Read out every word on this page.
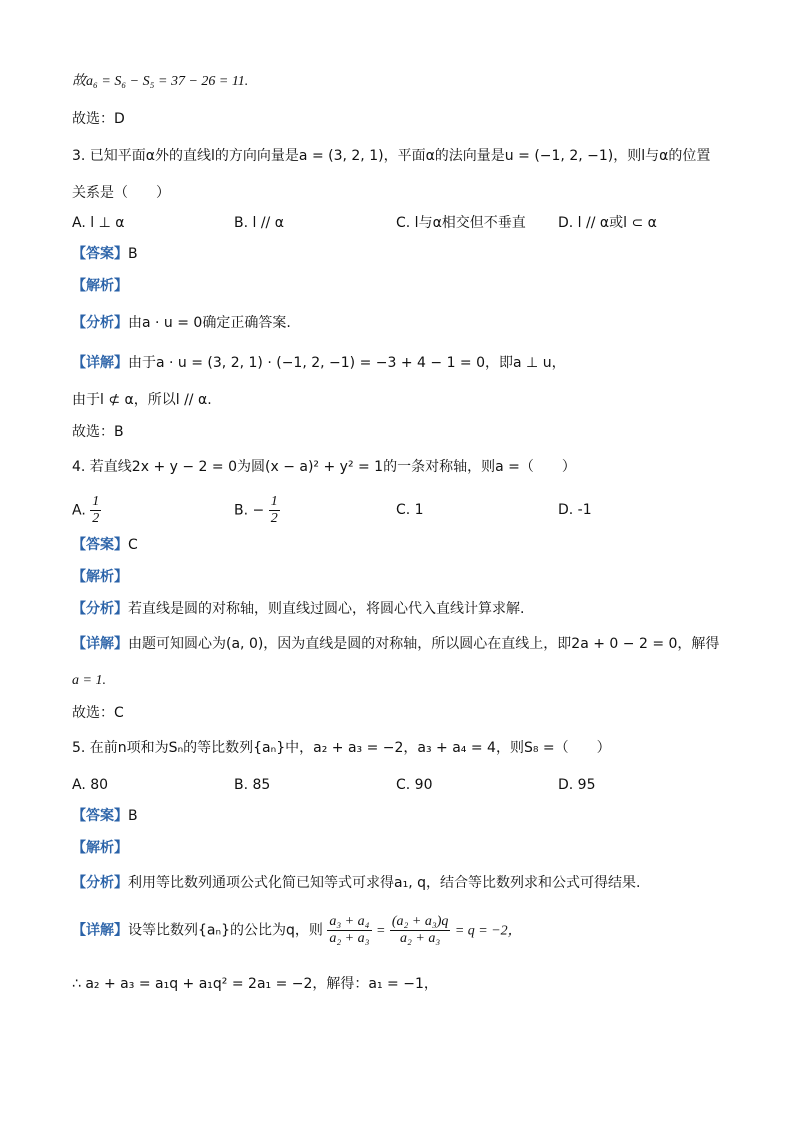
故a₆ = S₆ − S₅ = 37 − 26 = 11.
故选：D
3. 已知平面α外的直线l的方向向量是a = (3, 2, 1)，平面α的法向量是u = (−1, 2, −1)，则l与α的位置
关系是（　　）
A. l ⊥ α	B. l // α	C. l与α相交但不垂直 D. l // α或l ⊂ α
【答案】B
【解析】
【分析】由a · u = 0确定正确答案.
【详解】由于a · u = (3, 2, 1) · (−1, 2, −1) = −3 + 4 − 1 = 0，即a ⊥ u，
由于l ⊄ α，所以l // α.
故选：B
4. 若直线2x + y − 2 = 0为圆(x − a)² + y² = 1的一条对称轴，则a =（　　）
A. $\frac{1}{2}$	B. − $\frac{1}{2}$	C. 1	D. -1
【答案】C
【解析】
【分析】若直线是圆的对称轴，则直线过圆心，将圆心代入直线计算求解.
【详解】由题可知圆心为(a, 0)，因为直线是圆的对称轴，所以圆心在直线上，即2a + 0 − 2 = 0，解得
a = 1.
故选：C
5. 在前n项和为Sₙ的等比数列{aₙ}中，a₂ + a₃ = −2，a₃ + a₄ = 4，则S₈ =（　　）
A. 80	B. 85	C. 90	D. 95
【答案】B
【解析】
【分析】利用等比数列通项公式化简已知等式可求得a₁, q，结合等比数列求和公式可得结果.
【详解】设等比数列{aₙ}的公比为q，则 $\frac{\text{a₃ + a₄}}{\text{a₂ + a₃}} = \frac{\text{(a₂ + a₃)q}}{\text{a₂ + a₃}} = q = -2$，
∴ a₂ + a₃ = a₁q + a₁q² = 2a₁ = −2，解得：a₁ = −1，
